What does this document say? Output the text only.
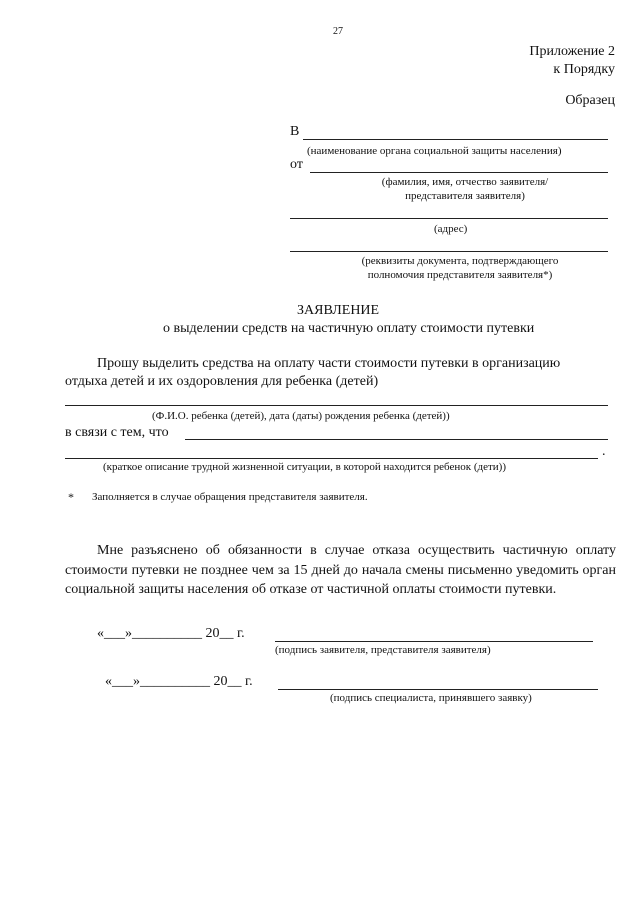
27
Приложение 2
к Порядку
Образец
В
(наименование органа социальной защиты населения)
от
(фамилия, имя, отчество заявителя/
представителя заявителя)
(адрес)
(реквизиты документа, подтверждающего
полномочия представителя заявителя*)
ЗАЯВЛЕНИЕ
о выделении средств на частичную оплату стоимости путевки
Прошу выделить средства на оплату части стоимости путевки в организацию
отдыха детей и их оздоровления для ребенка (детей)
(Ф.И.О. ребенка (детей), дата (даты) рождения ребенка (детей))
в связи с тем, что
.
(краткое описание трудной жизненной ситуации, в которой находится ребенок (дети))
* Заполняется в случае обращения представителя заявителя.
Мне разъяснено об обязанности в случае отказа осуществить частичную оплату стоимости путевки не позднее чем за 15 дней до начала смены письменно уведомить орган социальной защиты населения об отказе от частичной оплаты стоимости путевки.
«___»__________ 20__ г.
(подпись заявителя, представителя заявителя)
«___»__________ 20__ г.
(подпись специалиста, принявшего заявку)
